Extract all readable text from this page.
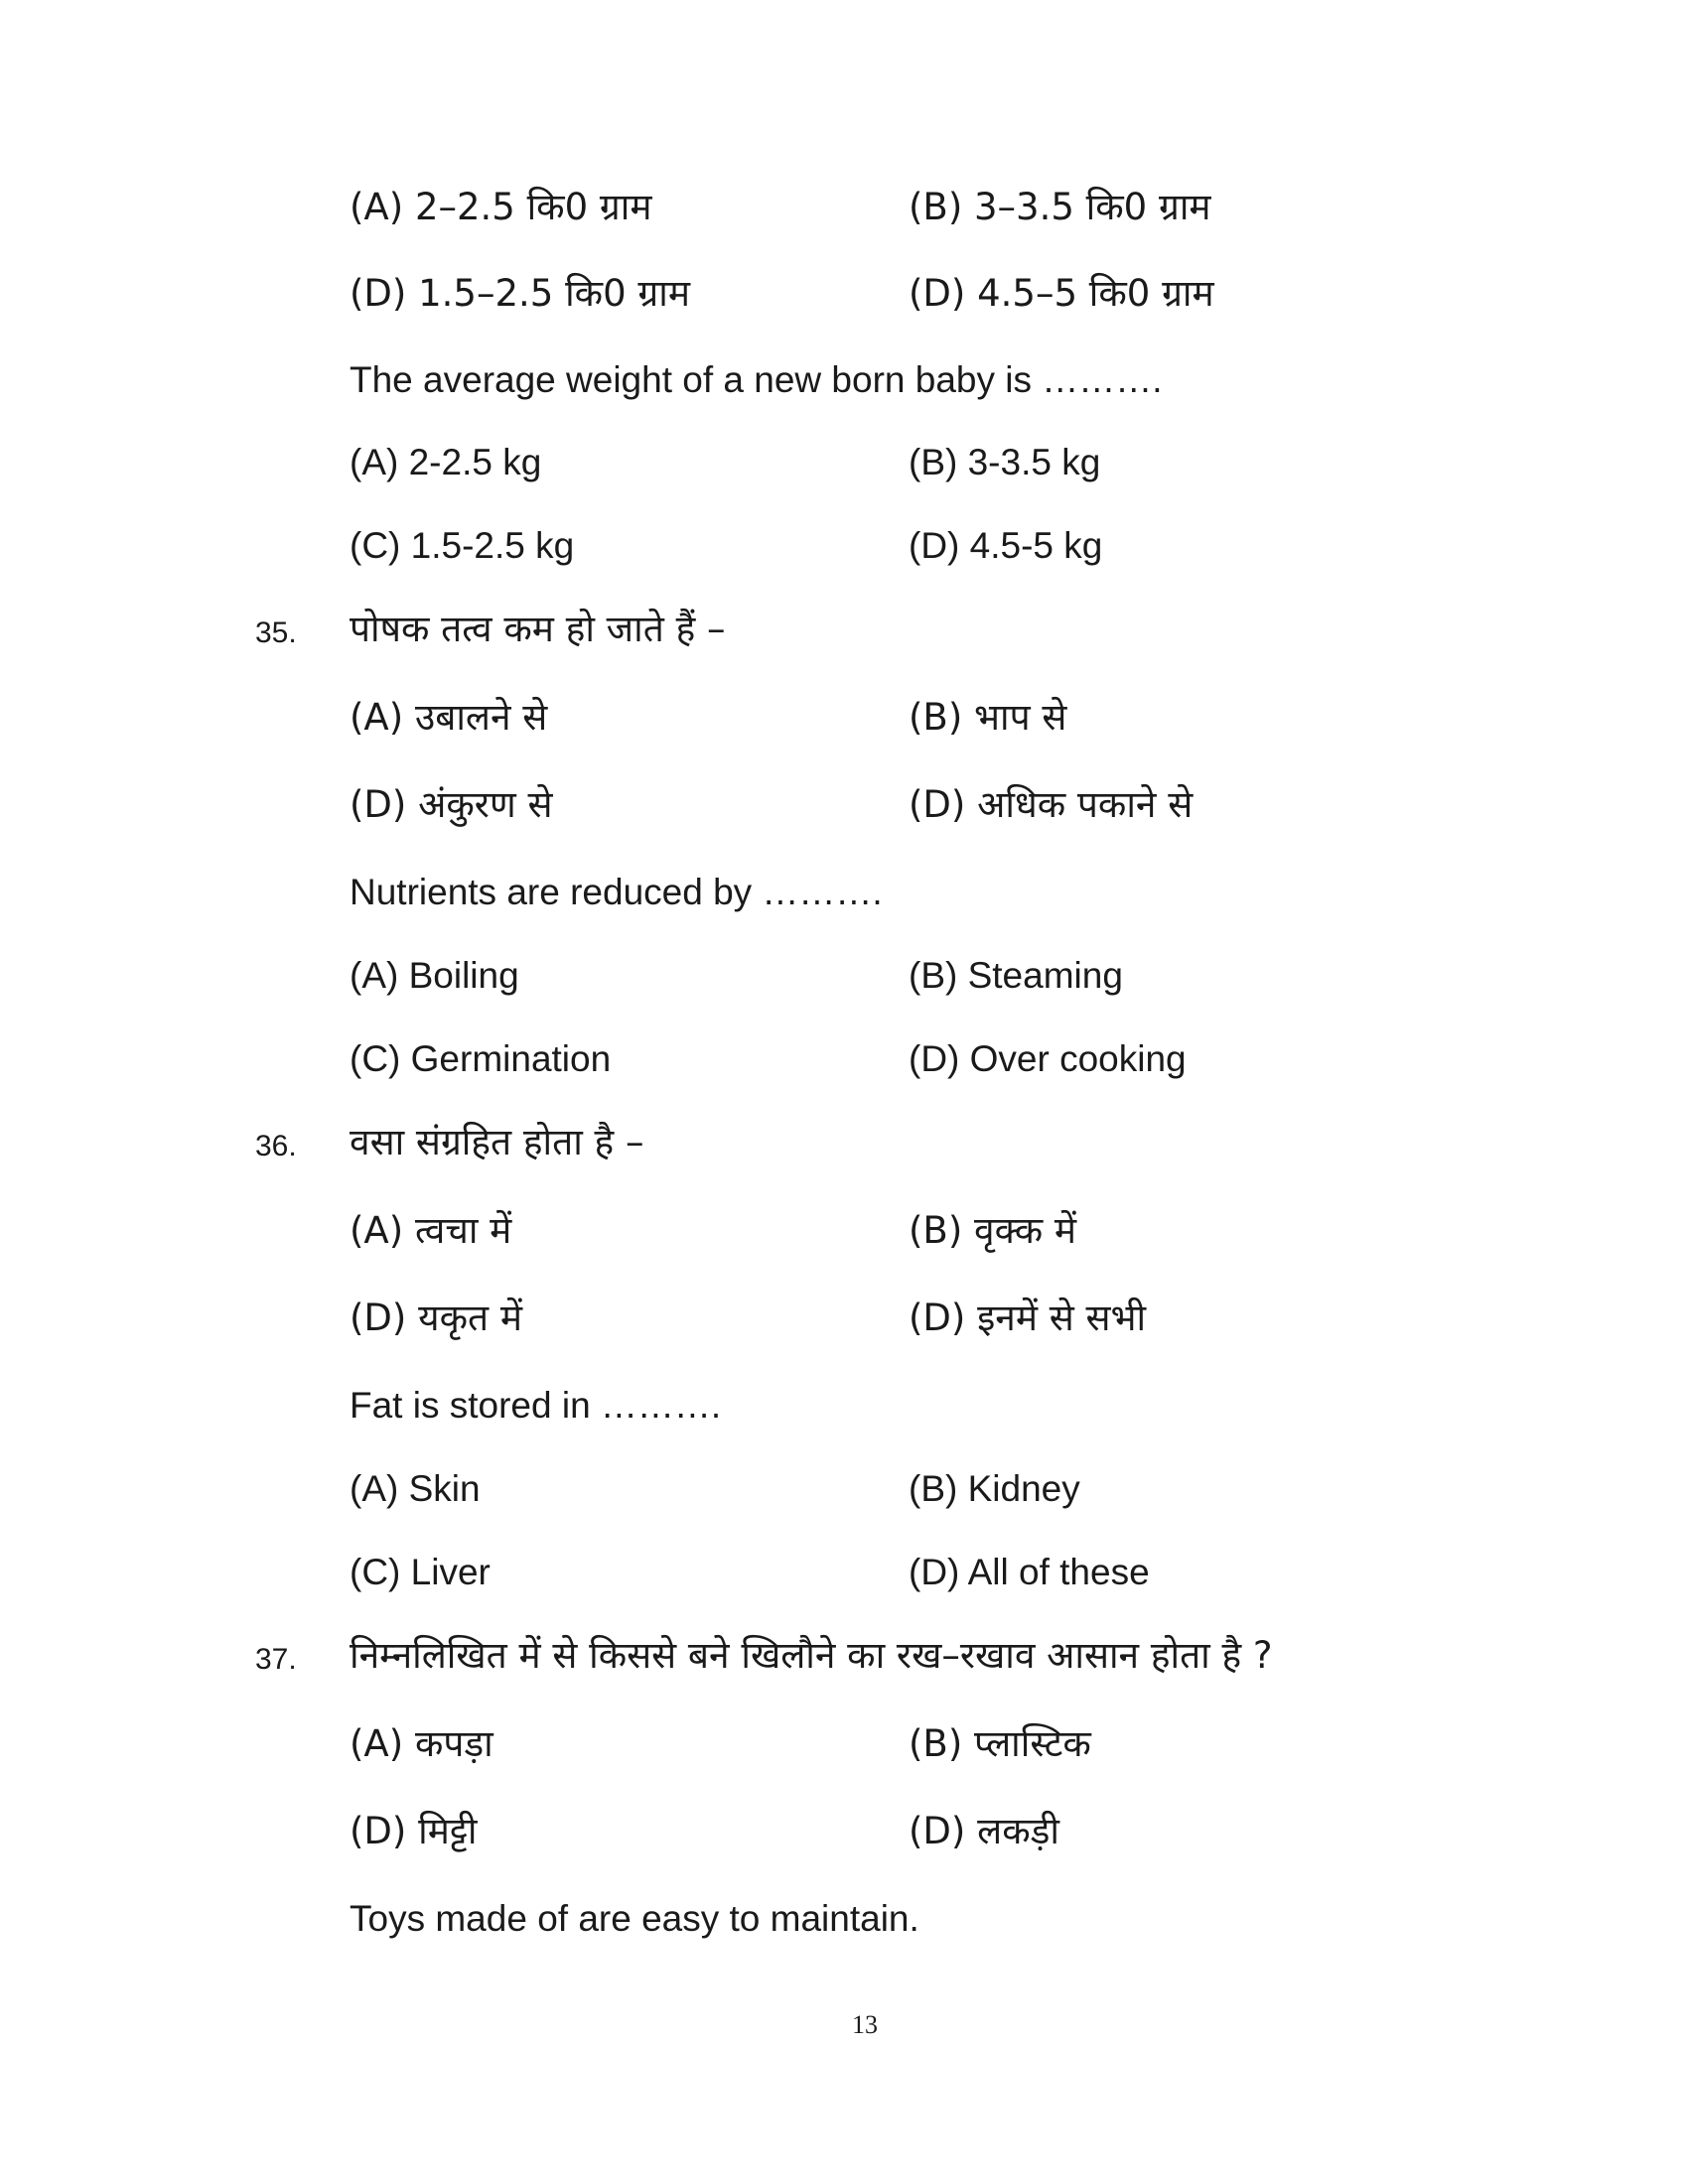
(A) 2–2.5 कि0 ग्राम	(B) 3–3.5 कि0 ग्राम
(D) 1.5–2.5 कि0 ग्राम	(D) 4.5–5 कि0 ग्राम
The average weight of a new born baby is ……….
(A) 2-2.5 kg	(B) 3-3.5 kg
(C) 1.5-2.5 kg	(D) 4.5-5 kg
35. पोषक तत्व कम हो जाते हैं –
(A) उबालने से	(B) भाप से
(D) अंकुरण से	(D) अधिक पकाने से
Nutrients are reduced by ……….
(A) Boiling	(B) Steaming
(C) Germination	(D) Over cooking
36. वसा संग्रहित होता है –
(A) त्वचा में	(B) वृक्क में
(D) यकृत में	(D) इनमें से सभी
Fat is stored in ……….
(A) Skin	(B) Kidney
(C) Liver	(D) All of these
37. निम्नलिखित में से किससे बने खिलौने का रख–रखाव आसान होता है ?
(A) कपड़ा	(B) प्लास्टिक
(D) मिट्टी	(D) लकड़ी
Toys made of are easy to maintain.
13
